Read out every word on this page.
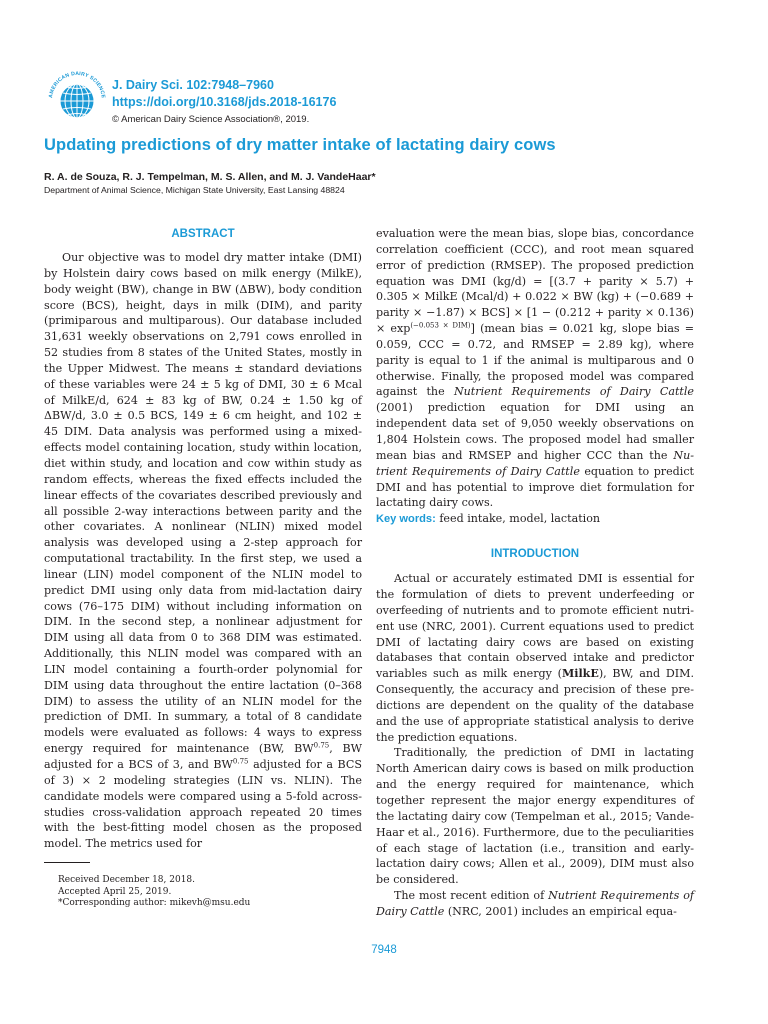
AMERICAN DAIRY SCIENCE
J. Dairy Sci. 102:7948–7960
https://doi.org/10.3168/jds.2018-16176
© American Dairy Science Association®, 2019.
Updating predictions of dry matter intake of lactating dairy cows
R. A. de Souza, R. J. Tempelman, M. S. Allen, and M. J. VandeHaar*
Department of Animal Science, Michigan State University, East Lansing 48824
ABSTRACT

Our objective was to model dry matter intake (DMI) by Holstein dairy cows based on milk energy (MilkE), body weight (BW), change in BW (ΔBW), body condition score (BCS), height, days in milk (DIM), and parity (primiparous and multiparous). Our database included 31,631 weekly observations on 2,791 cows enrolled in 52 studies from 8 states of the United States, mostly in the Upper Midwest. The means ± standard deviations of these variables were 24 ± 5 kg of DMI, 30 ± 6 Mcal of MilkE/d, 624 ± 83 kg of BW, 0.24 ± 1.50 kg of ΔBW/d, 3.0 ± 0.5 BCS, 149 ± 6 cm height, and 102 ± 45 DIM. Data analysis was performed using a mixed-effects model containing location, study within location, diet within study, and location and cow within study as random effects, whereas the fixed effects included the linear effects of the covariates described previously and all possible 2-way interactions between parity and the other covariates. A nonlinear (NLIN) mixed model analysis was developed using a 2-step approach for computational tractability. In the first step, we used a linear (LIN) model component of the NLIN model to predict DMI using only data from mid-lactation dairy cows (76–175 DIM) without including information on DIM. In the second step, a nonlinear adjustment for DIM using all data from 0 to 368 DIM was estimated. Additionally, this NLIN model was compared with an LIN model containing a fourth-order polynomial for DIM using data throughout the entire lactation (0–368 DIM) to assess the utility of an NLIN model for the prediction of DMI. In summary, a total of 8 candidate models were evaluated as follows: 4 ways to express energy required for maintenance (BW, $BW^{0.75}$, BW adjusted for a BCS of 3, and $BW^{0.75}$ adjusted for a BCS of 3) × 2 modeling strategies (LIN vs. NLIN). The candidate models were compared using a 5-fold across-studies cross-validation approach repeated 20 times with the best-fitting model chosen as the proposed model. The metrics used for

evaluation were the mean bias, slope bias, concordance correlation coefficient (CCC), and root mean squared error of prediction (RMSEP). The proposed prediction equation was DMI (kg/d) = [(3.7 + parity × 5.7) + 0.305 × MilkE (Mcal/d) + 0.022 × BW (kg) + (−0.689 + parity × −1.87) × BCS] × [1 − (0.212 + parity × $0.136) \times \exp^{(-0.053 \times DIM)}$] (mean bias = 0.021 kg, slope bias = 0.059, CCC = 0.72, and RMSEP = 2.89 kg), where parity is equal to 1 if the animal is multiparous and 0 otherwise. Finally, the proposed model was compared against the Nutrient Requirements of Dairy Cattle (2001) prediction equation for DMI using an independent data set of 9,050 weekly observations on 1,804 Holstein cows. The proposed model had smaller mean bias and RMSEP and higher CCC than the Nutrient Requirements of Dairy Cattle equation to predict DMI and has potential to improve diet formulation for lactating dairy cows.

Key words: feed intake, model, lactation

INTRODUCTION

Actual or accurately estimated DMI is essential for the formulation of diets to prevent underfeeding or overfeeding of nutrients and to promote efficient nutrient use (NRC, 2001). Current equations used to predict DMI of lactating dairy cows are based on existing databases that contain observed intake and predictor variables such as milk energy (MilkE), BW, and DIM. Consequently, the accuracy and precision of these predictions are dependent on the quality of the database and the use of appropriate statistical analysis to derive the prediction equations.

Traditionally, the prediction of DMI in lactating North American dairy cows is based on milk production and the energy required for maintenance, which together represent the major energy expenditures of the lactating dairy cow (Tempelman et al., 2015; VandeHaar et al., 2016). Furthermore, due to the peculiarities of each stage of lactation (i.e., transition and early-lactation dairy cows; Allen et al., 2009), DIM must also be considered.

The most recent edition of Nutrient Requirements of Dairy Cattle (NRC, 2001) includes an empirical equa-

Received December 18, 2018.
Accepted April 25, 2019.
*Corresponding author: mikevh@msu.edu
7948
